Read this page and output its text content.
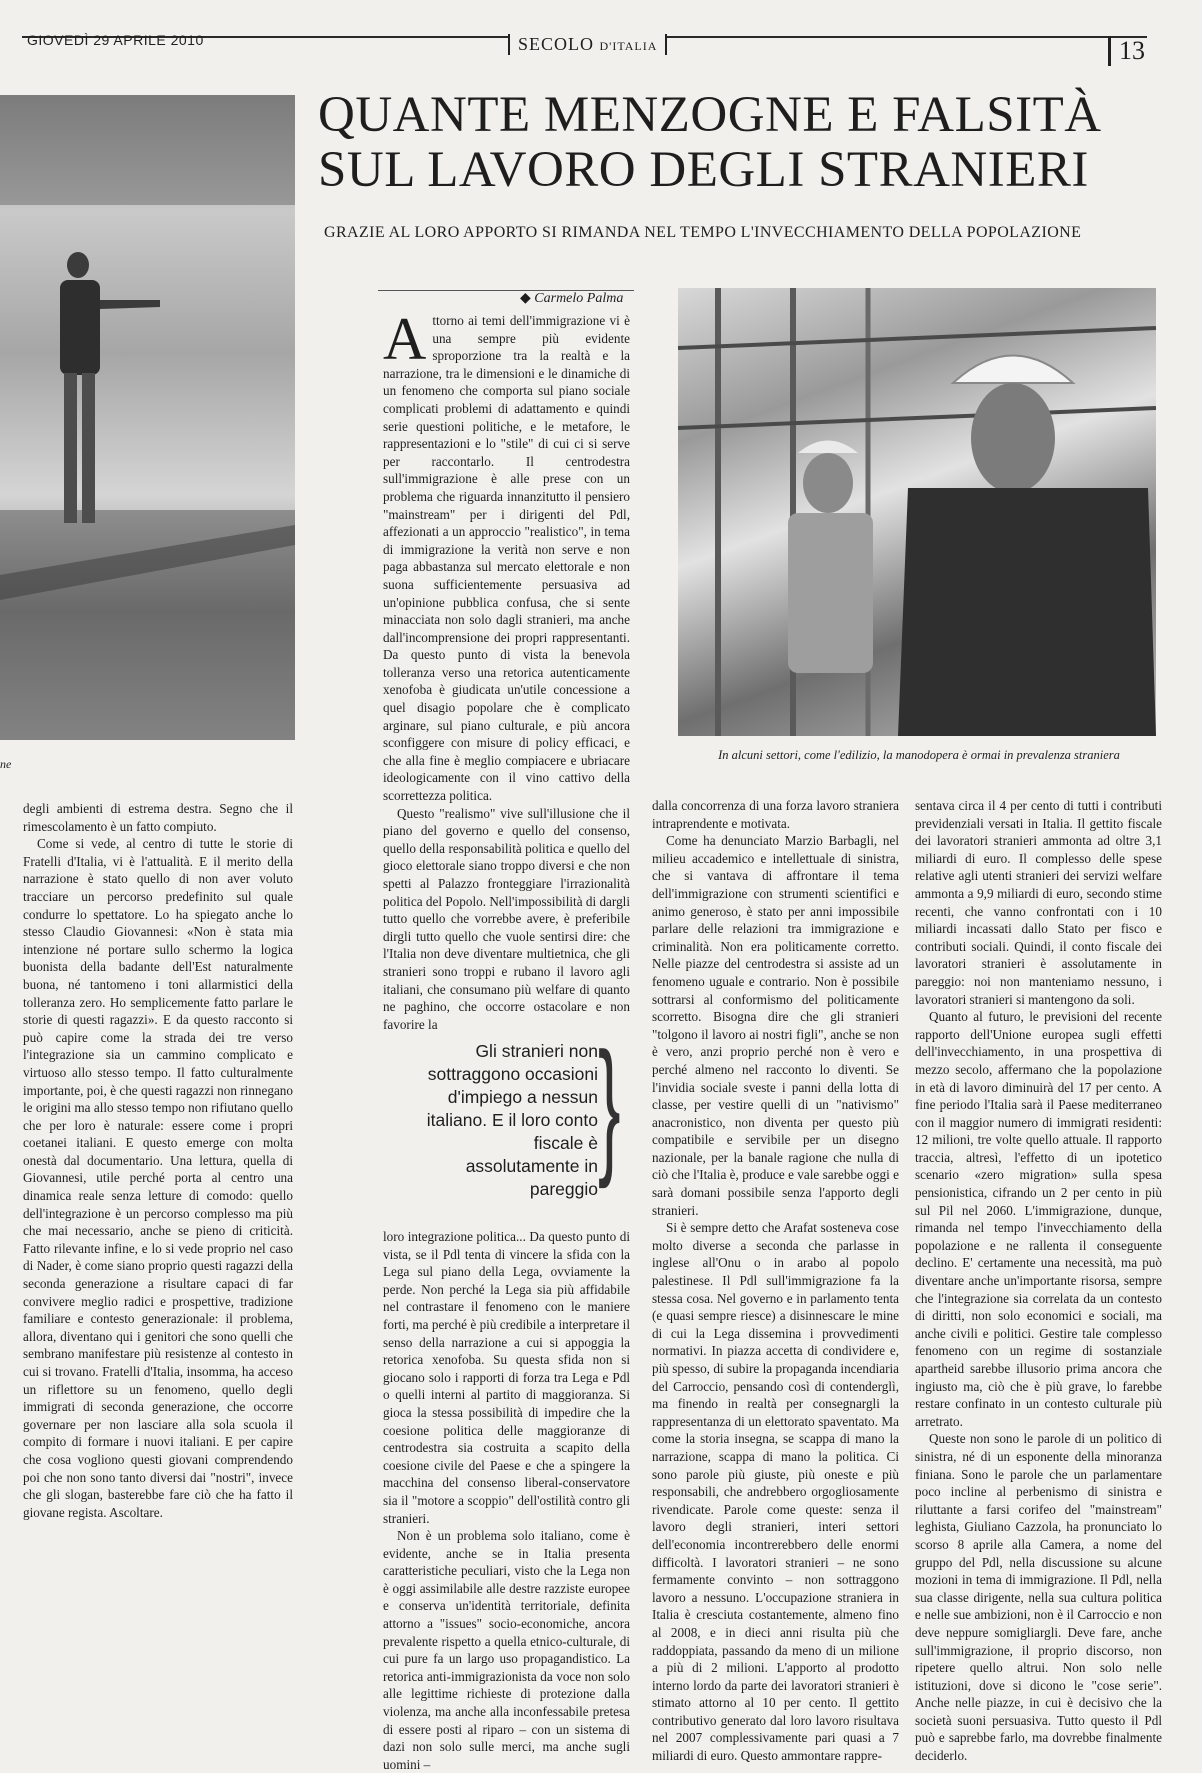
GIOVEDÌ 29 APRILE 2010	SECOLO D'ITALIA	13
QUANTE MENZOGNE E FALSITÀ SUL LAVORO DEGLI STRANIERI
GRAZIE AL LORO APPORTO SI RIMANDA NEL TEMPO L'INVECCHIAMENTO DELLA POPOLAZIONE
◆ Carmelo Palma
ne
In alcuni settori, come l'edilizio, la manodopera è ormai in prevalenza straniera

degli ambienti di estrema destra. Segno che il rimescolamento è un fatto compiuto.

Come si vede, al centro di tutte le storie di Fratelli d'Italia, vi è l'attualità. E il merito della narrazione è stato quello di non aver voluto tracciare un percorso predefinito sul quale condurre lo spettatore. Lo ha spiegato anche lo stesso Claudio Giovannesi: «Non è stata mia intenzione né portare sullo schermo la logica buonista della badante dell'Est naturalmente buona, né tantomeno i toni allarmistici della tolleranza zero. Ho semplicemente fatto parlare le storie di questi ragazzi». E da questo racconto si può capire come la strada dei tre verso l'integrazione sia un cammino complicato e virtuoso allo stesso tempo. Il fatto culturalmente importante, poi, è che questi ragazzi non rinnegano le origini ma allo stesso tempo non rifiutano quello che per loro è naturale: essere come i propri coetanei italiani. E questo emerge con molta onestà dal documentario. Una lettura, quella di Giovannesi, utile perché porta al centro una dinamica reale senza letture di comodo: quello dell'integrazione è un percorso complesso ma più che mai necessario, anche se pieno di criticità. Fatto rilevante infine, e lo si vede proprio nel caso di Nader, è come siano proprio questi ragazzi della seconda generazione a risultare capaci di far convivere meglio radici e prospettive, tradizione familiare e contesto generazionale: il problema, allora, diventano qui i genitori che sono quelli che sembrano manifestare più resistenze al contesto in cui si trovano. Fratelli d'Italia, insomma, ha acceso un riflettore su un fenomeno, quello degli immigrati di seconda generazione, che occorre governare per non lasciare alla sola scuola il compito di formare i nuovi italiani. E per capire che cosa vogliono questi giovani comprendendo poi che non sono tanto diversi dai "nostri", invece che gli slogan, basterebbe fare ciò che ha fatto il giovane regista. Ascoltare.

Attorno ai temi dell'immigrazione vi è una sempre più evidente sproporzione tra la realtà e la narrazione, tra le dimensioni e le dinamiche di un fenomeno che comporta sul piano sociale complicati problemi di adattamento e quindi serie questioni politiche, e le metafore, le rappresentazioni e lo "stile" di cui ci si serve per raccontarlo. Il centrodestra sull'immigrazione è alle prese con un problema che riguarda innanzitutto il pensiero "mainstream" per i dirigenti del Pdl, affezionati a un approccio "realistico", in tema di immigrazione la verità non serve e non paga abbastanza sul mercato elettorale e non suona sufficientemente persuasiva ad un'opinione pubblica confusa, che si sente minacciata non solo dagli stranieri, ma anche dall'incomprensione dei propri rappresentanti. Da questo punto di vista la benevola tolleranza verso una retorica autenticamente xenofoba è giudicata un'utile concessione a quel disagio popolare che è complicato arginare, sul piano culturale, e più ancora sconfiggere con misure di policy efficaci, e che alla fine è meglio compiacere e ubriacare ideologicamente con il vino cattivo della scorrettezza politica.

Questo "realismo" vive sull'illusione che il piano del governo e quello del consenso, quello della responsabilità politica e quello del gioco elettorale siano troppo diversi e che non spetti al Palazzo fronteggiare l'irrazionalità politica del Popolo. Nell'impossibilità di dargli tutto quello che vorrebbe avere, è preferibile dirgli tutto quello che vuole sentirsi dire: che l'Italia non deve diventare multietnica, che gli stranieri sono troppi e rubano il lavoro agli italiani, che consumano più welfare di quanto ne paghino, che occorre ostacolare e non favorire la

Gli stranieri non sottraggono occasioni d'impiego a nessun italiano. E il loro conto fiscale è assolutamente in pareggio }

loro integrazione politica... Da questo punto di vista, se il Pdl tenta di vincere la sfida con la Lega sul piano della Lega, ovviamente la perde. Non perché la Lega sia più affidabile nel contrastare il fenomeno con le maniere forti, ma perché è più credibile a interpretare il senso della narrazione a cui si appoggia la retorica xenofoba. Su questa sfida non si giocano solo i rapporti di forza tra Lega e Pdl o quelli interni al partito di maggioranza. Si gioca la stessa possibilità di impedire che la coesione politica delle maggioranze di centrodestra sia costruita a scapito della coesione civile del Paese e che a spingere la macchina del consenso liberal-conservatore sia il "motore a scoppio" dell'ostilità contro gli stranieri.

Non è un problema solo italiano, come è evidente, anche se in Italia presenta caratteristiche peculiari, visto che la Lega non è oggi assimilabile alle destre razziste europee e conserva un'identità territoriale, definita attorno a "issues" socio-economiche, ancora prevalente rispetto a quella etnico-culturale, di cui pure fa un largo uso propagandistico. La retorica anti-immigrazionista da voce non solo alle legittime richieste di protezione dalla violenza, ma anche alla inconfessabile pretesa di essere posti al riparo – con un sistema di dazi non solo sulle merci, ma anche sugli uomini –

dalla concorrenza di una forza lavoro straniera intraprendente e motivata.

Come ha denunciato Marzio Barbagli, nel milieu accademico e intellettuale di sinistra, che si vantava di affrontare il tema dell'immigrazione con strumenti scientifici e animo generoso, è stato per anni impossibile parlare delle relazioni tra immigrazione e criminalità. Non era politicamente corretto. Nelle piazze del centrodestra si assiste ad un fenomeno uguale e contrario. Non è possibile sottrarsi al conformismo del politicamente scorretto. Bisogna dire che gli stranieri "tolgono il lavoro ai nostri figli", anche se non è vero, anzi proprio perché non è vero e perché almeno nel racconto lo diventi. Se l'invidia sociale sveste i panni della lotta di classe, per vestire quelli di un "nativismo" anacronistico, non diventa per questo più compatibile e servibile per un disegno nazionale, per la banale ragione che nulla di ciò che l'Italia è, produce e vale sarebbe oggi e sarà domani possibile senza l'apporto degli stranieri.

Si è sempre detto che Arafat sosteneva cose molto diverse a seconda che parlasse in inglese all'Onu o in arabo al popolo palestinese. Il Pdl sull'immigrazione fa la stessa cosa. Nel governo e in parlamento tenta (e quasi sempre riesce) a disinnescare le mine di cui la Lega dissemina i provvedimenti normativi. In piazza accetta di condividere e, più spesso, di subire la propaganda incendiaria del Carroccio, pensando così di contenderglì, ma finendo in realtà per consegnargli la rappresentanza di un elettorato spaventato. Ma come la storia insegna, se scappa di mano la narrazione, scappa di mano la politica. Ci sono parole più giuste, più oneste e più responsabili, che andrebbero orgogliosamente rivendicate. Parole come queste: senza il lavoro degli stranieri, interi settori dell'economia incontrerebbero delle enormi difficoltà. I lavoratori stranieri – ne sono fermamente convinto – non sottraggono lavoro a nessuno. L'occupazione straniera in Italia è cresciuta costantemente, almeno fino al 2008, e in dieci anni risulta più che raddoppiata, passando da meno di un milione a più di 2 milioni. L'apporto al prodotto interno lordo da parte dei lavoratori stranieri è stimato attorno al 10 per cento. Il gettito contributivo generato dal loro lavoro risultava nel 2007 complessivamente pari quasi a 7 miliardi di euro. Questo ammontare rappre-

sentava circa il 4 per cento di tutti i contributi previdenziali versati in Italia. Il gettito fiscale dei lavoratori stranieri ammonta ad oltre 3,1 miliardi di euro. Il complesso delle spese relative agli utenti stranieri dei servizi welfare ammonta a 9,9 miliardi di euro, secondo stime recenti, che vanno confrontati con i 10 miliardi incassati dallo Stato per fisco e contributi sociali. Quindi, il conto fiscale dei lavoratori stranieri è assolutamente in pareggio: noi non manteniamo nessuno, i lavoratori stranieri si mantengono da soli.

Quanto al futuro, le previsioni del recente rapporto dell'Unione europea sugli effetti dell'invecchiamento, in una prospettiva di mezzo secolo, affermano che la popolazione in età di lavoro diminuirà del 17 per cento. A fine periodo l'Italia sarà il Paese mediterraneo con il maggior numero di immigrati residenti: 12 milioni, tre volte quello attuale. Il rapporto traccia, altresì, l'effetto di un ipotetico scenario «zero migration» sulla spesa pensionistica, cifrando un 2 per cento in più sul Pil nel 2060. L'immigrazione, dunque, rimanda nel tempo l'invecchiamento della popolazione e ne rallenta il conseguente declino. E' certamente una necessità, ma può diventare anche un'importante risorsa, sempre che l'integrazione sia correlata da un contesto di diritti, non solo economici e sociali, ma anche civili e politici. Gestire tale complesso fenomeno con un regime di sostanziale apartheid sarebbe illusorio prima ancora che ingiusto ma, ciò che è più grave, lo farebbe restare confinato in un contesto culturale più arretrato.

Queste non sono le parole di un politico di sinistra, né di un esponente della minoranza finiana. Sono le parole che un parlamentare poco incline al perbenismo di sinistra e riluttante a farsi corifeo del "mainstream" leghista, Giuliano Cazzola, ha pronunciato lo scorso 8 aprile alla Camera, a nome del gruppo del Pdl, nella discussione su alcune mozioni in tema di immigrazione. Il Pdl, nella sua classe dirigente, nella sua cultura politica e nelle sue ambizioni, non è il Carroccio e non deve neppure somigliargli. Deve fare, anche sull'immigrazione, il proprio discorso, non ripetere quello altrui. Non solo nelle istituzioni, dove si dicono le "cose serie". Anche nelle piazze, in cui è decisivo che la società suoni persuasiva. Tutto questo il Pdl può e saprebbe farlo, ma dovrebbe finalmente deciderlo.
